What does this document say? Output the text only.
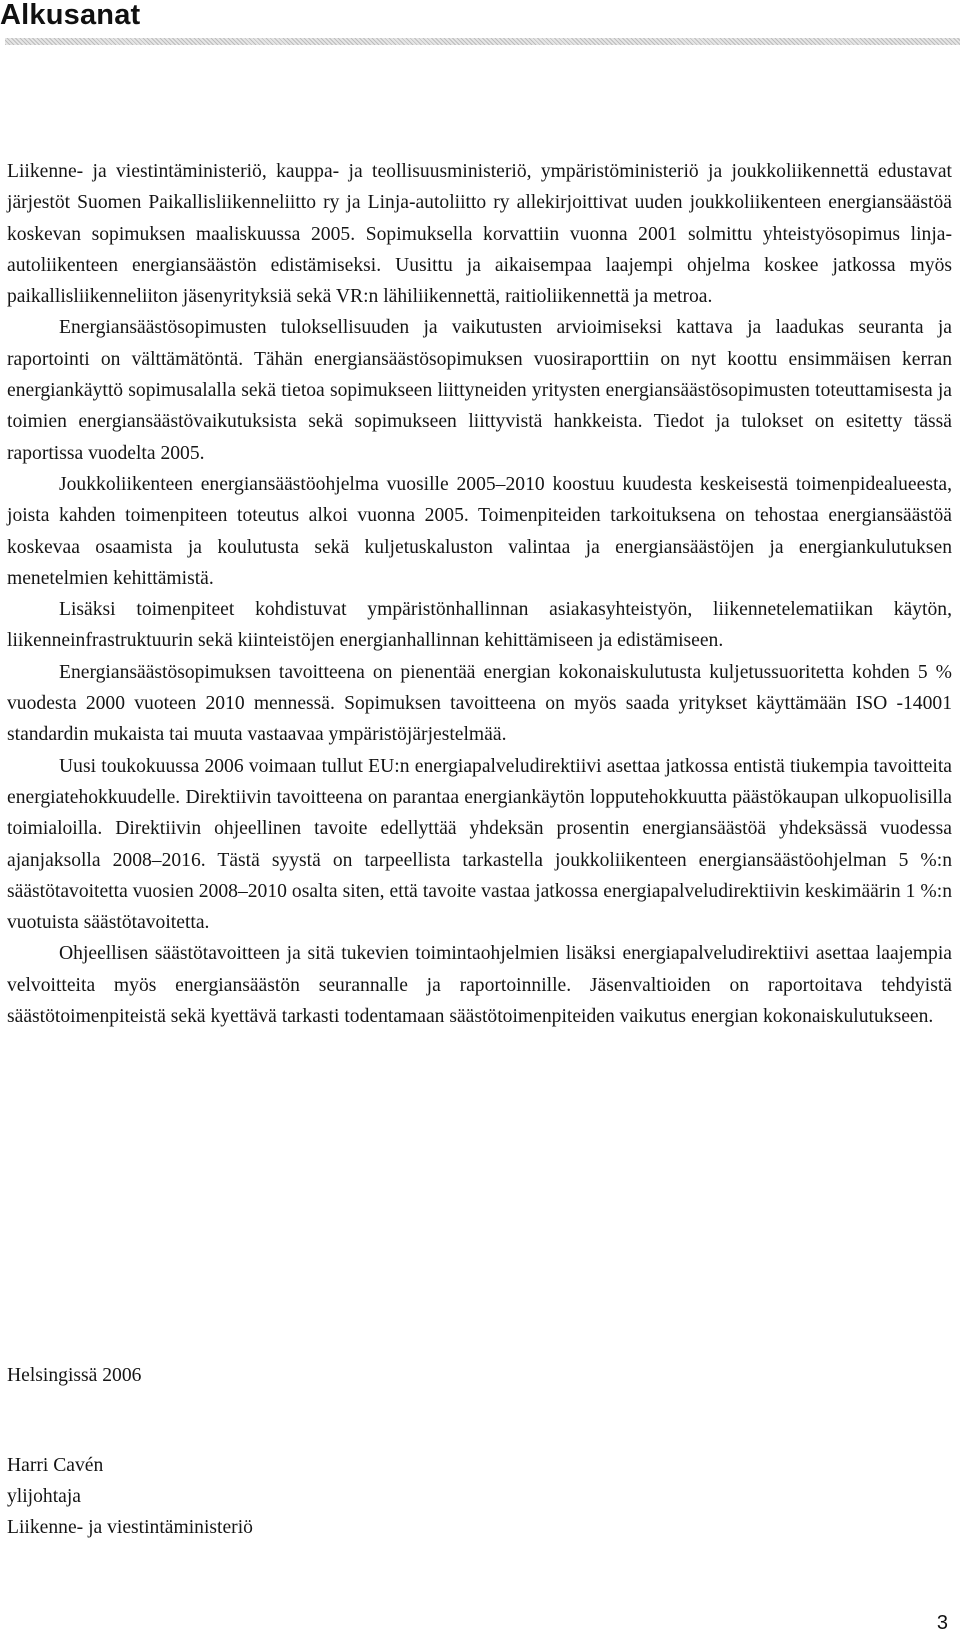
Alkusanat

Liikenne- ja viestintäministeriö, kauppa- ja teollisuusministeriö, ympäristöministeriö ja joukkoliikennettä edustavat järjestöt Suomen Paikallisliikenneliitto ry ja Linja-autoliitto ry allekirjoittivat uuden joukkoliikenteen energiansäästöä koskevan sopimuksen maaliskuussa 2005. Sopimuksella korvattiin vuonna 2001 solmittu yhteistyösopimus linja-autoliikenteen energiansäästön edistämiseksi. Uusittu ja aikaisempaa laajempi ohjelma koskee jatkossa myös paikallisliikenneliiton jäsenyrityksiä sekä VR:n lähiliikennettä, raitioliikennettä ja metroa.

Energiansäästösopimusten tuloksellisuuden ja vaikutusten arvioimiseksi kattava ja laadukas seuranta ja raportointi on välttämätöntä. Tähän energiansäästösopimuksen vuosiraporttiin on nyt koottu ensimmäisen kerran energiankäyttö sopimusalalla sekä tietoa sopimukseen liittyneiden yritysten energiansäästösopimusten toteuttamisesta ja toimien energiansäästövaikutuksista sekä sopimukseen liittyvistä hankkeista. Tiedot ja tulokset on esitetty tässä raportissa vuodelta 2005.

Joukkoliikenteen energiansäästöohjelma vuosille 2005–2010 koostuu kuudesta keskeisestä toimenpidealueesta, joista kahden toimenpiteen toteutus alkoi vuonna 2005. Toimenpiteiden tarkoituksena on tehostaa energiansäästöä koskevaa osaamista ja koulutusta sekä kuljetuskaluston valintaa ja energiansäästöjen ja energiankulutuksen menetelmien kehittämistä.

Lisäksi toimenpiteet kohdistuvat ympäristönhallinnan asiakasyhteistyön, liikennetelematiikan käytön, liikenneinfrastruktuurin sekä kiinteistöjen energianhallinnan kehittämiseen ja edistämiseen.

Energiansäästösopimuksen tavoitteena on pienentää energian kokonaiskulutusta kuljetussuoritetta kohden 5 % vuodesta 2000 vuoteen 2010 mennessä. Sopimuksen tavoitteena on myös saada yritykset käyttämään ISO -14001 standardin mukaista tai muuta vastaavaa ympäristöjärjestelmää.

Uusi toukokuussa 2006 voimaan tullut EU:n energiapalveludirektiivi asettaa jatkossa entistä tiukempia tavoitteita energiatehokkuudelle. Direktiivin tavoitteena on parantaa energiankäytön lopputehokkuutta päästökaupan ulkopuolisilla toimialoilla. Direktiivin ohjeellinen tavoite edellyttää yhdeksän prosentin energiansäästöä yhdeksässä vuodessa ajanjaksolla 2008–2016. Tästä syystä on tarpeellista tarkastella joukkoliikenteen energiansäästöohjelman 5 %:n säästötavoitetta vuosien 2008–2010 osalta siten, että tavoite vastaa jatkossa energiapalveludirektiivin keskimäärin 1 %:n vuotuista säästötavoitetta.

Ohjeellisen säästötavoitteen ja sitä tukevien toimintaohjelmien lisäksi energiapalveludirektiivi asettaa laajempia velvoitteita myös energiansäästön seurannalle ja raportoinnille. Jäsenvaltioiden on raportoitava tehdyistä säästötoimenpiteistä sekä kyettävä tarkasti todentamaan säästötoimenpiteiden vaikutus energian kokonaiskulutukseen.

Helsingissä 2006

Harri Cavén
ylijohtaja
Liikenne- ja viestintäministeriö
3
